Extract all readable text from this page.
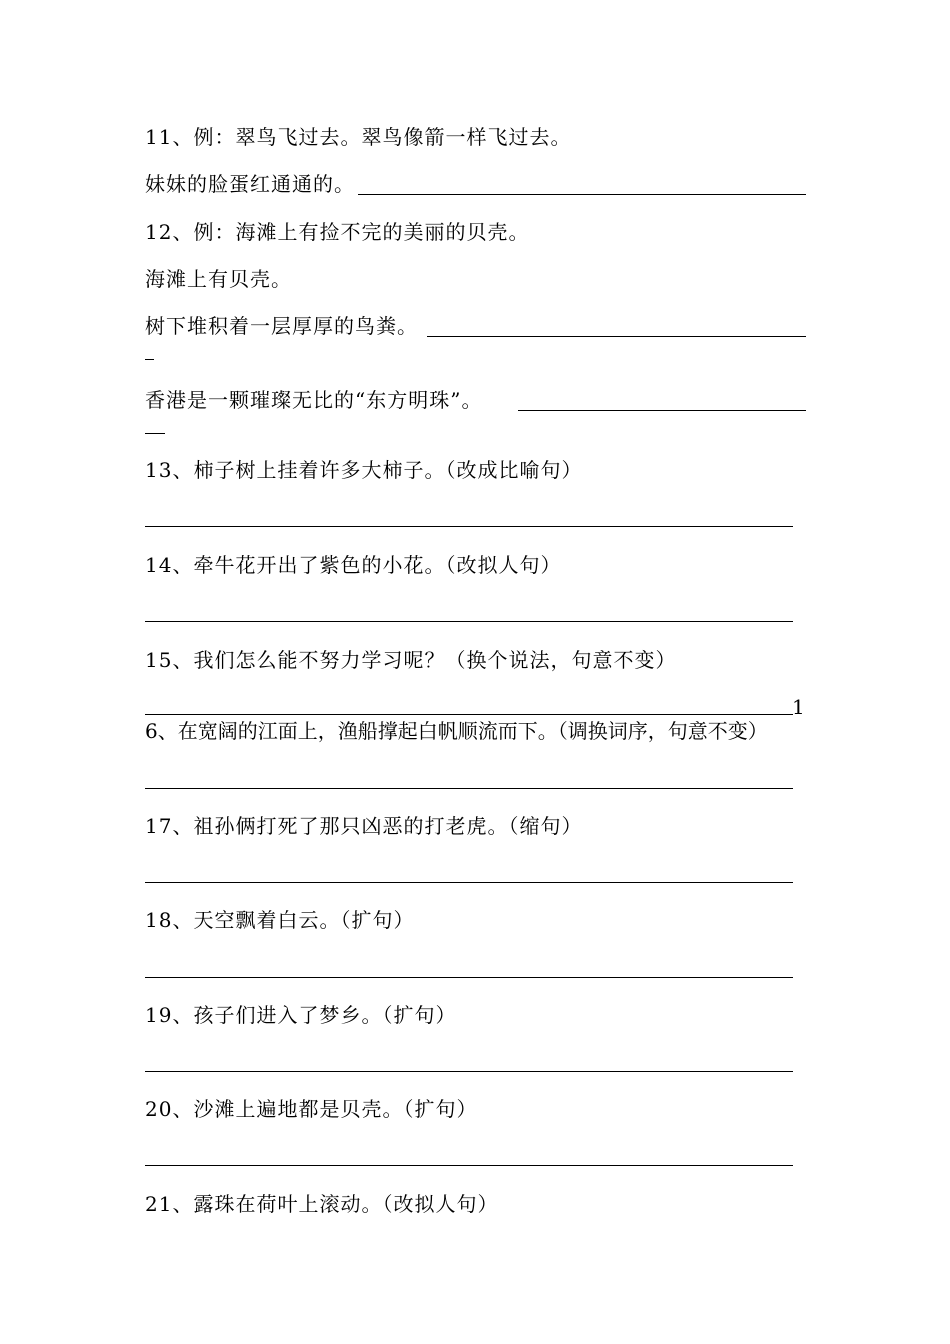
11、例：翠鸟飞过去。翠鸟像箭一样飞过去。
妹妹的脸蛋红通通的。
12、例：海滩上有捡不完的美丽的贝壳。
海滩上有贝壳。
树下堆积着一层厚厚的鸟粪。
香港是一颗璀璨无比的“东方明珠”。
13、柿子树上挂着许多大柿子。（改成比喻句）
14、牵牛花开出了紫色的小花。（改拟人句）
15、我们怎么能不努力学习呢？（换个说法，句意不变）
1
6、在宽阔的江面上，渔船撑起白帆顺流而下。（调换词序，句意不变）
17、祖孙俩打死了那只凶恶的打老虎。（缩句）
18、天空飘着白云。（扩句）
19、孩子们进入了梦乡。（扩句）
20、沙滩上遍地都是贝壳。（扩句）
21、露珠在荷叶上滚动。（改拟人句）
